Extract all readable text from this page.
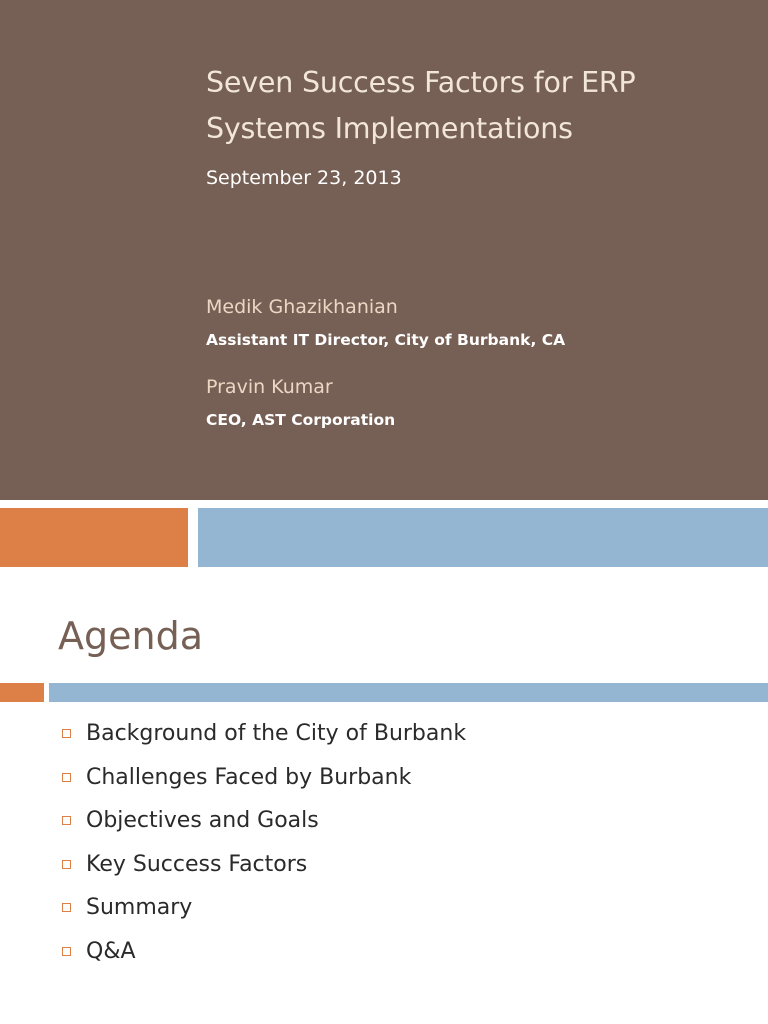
Seven Success Factors for ERP
Systems Implementations
September 23, 2013
Medik Ghazikhanian
Assistant IT Director, City of Burbank, CA
Pravin Kumar
CEO, AST Corporation
Agenda
Background of the City of Burbank
Challenges Faced by Burbank
Objectives and Goals
Key Success Factors
Summary
Q&A
